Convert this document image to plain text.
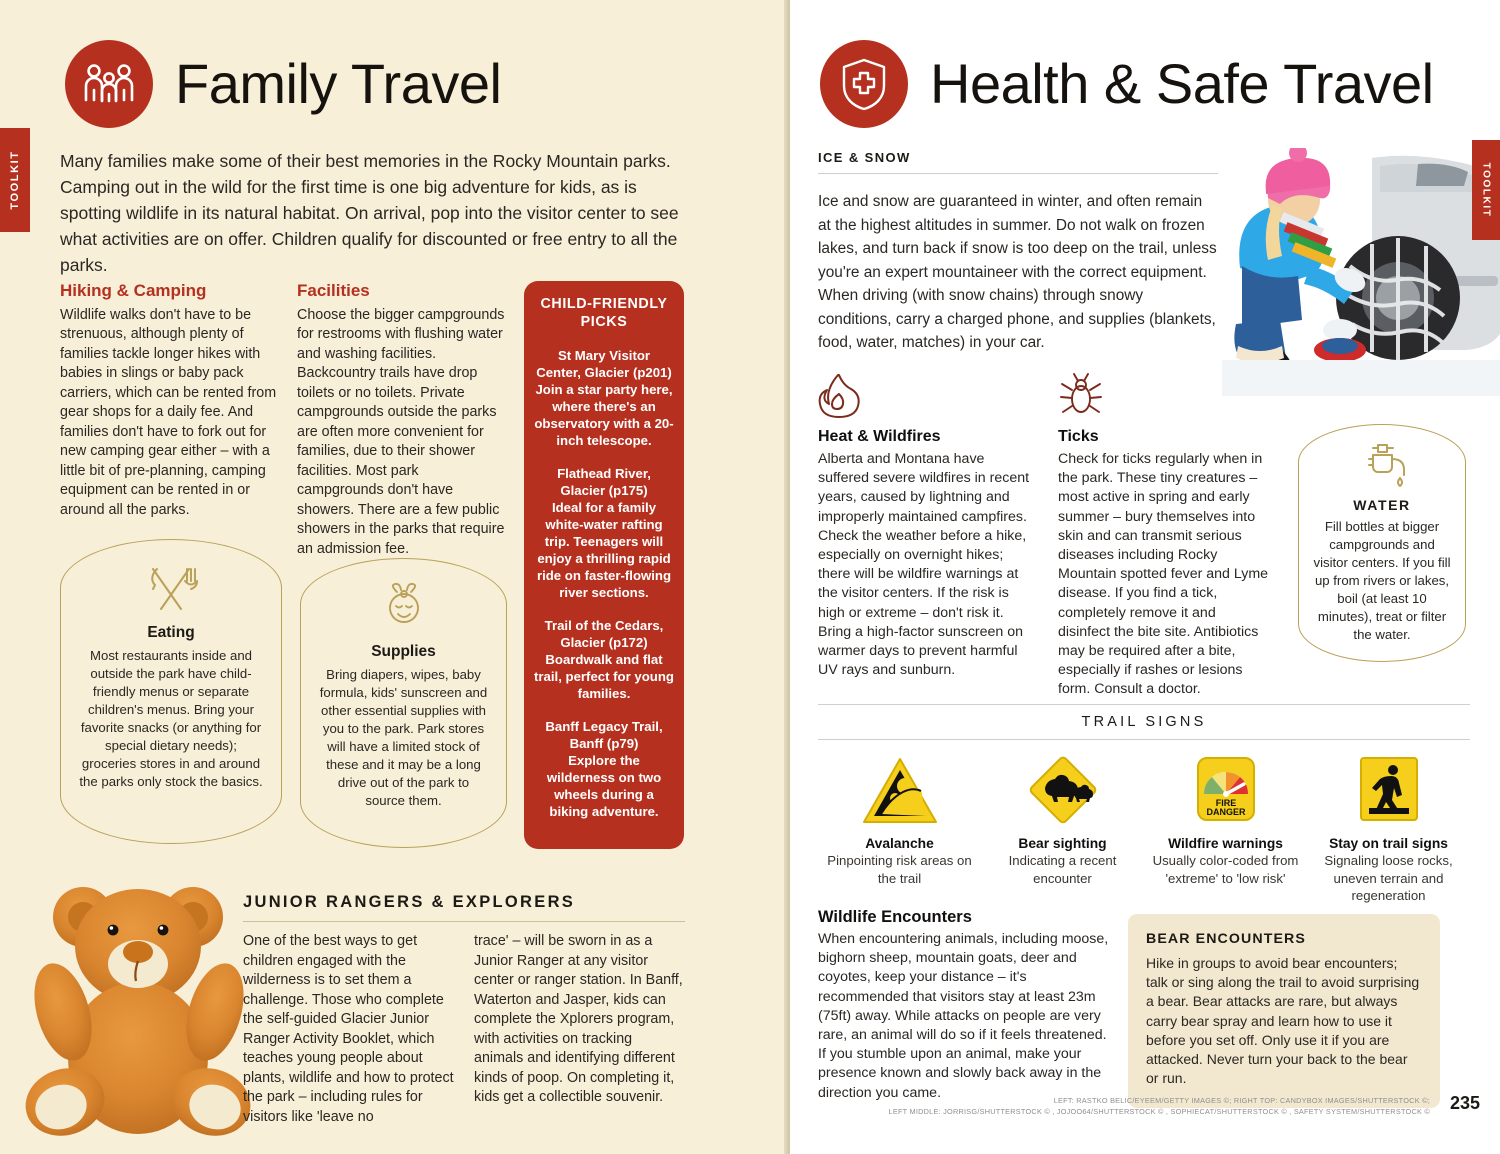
TOOLKIT
Family Travel
Many families make some of their best memories in the Rocky Mountain parks. Camping out in the wild for the first time is one big adventure for kids, as is spotting wildlife in its natural habitat. On arrival, pop into the visitor center to see what activities are on offer. Children qualify for discounted or free entry to all the parks.
Hiking & Camping
Wildlife walks don't have to be strenuous, although plenty of families tackle longer hikes with babies in slings or baby pack carriers, which can be rented from gear shops for a daily fee. And families don't have to fork out for new camping gear either – with a little bit of pre-planning, camping equipment can be rented in or around all the parks.
Facilities
Choose the bigger campgrounds for restrooms with flushing water and washing facilities. Backcountry trails have drop toilets or no toilets. Private campgrounds outside the parks are often more convenient for families, due to their shower facilities. Most park campgrounds don't have showers. There are a few public showers in the parks that require an admission fee.
CHILD-FRIENDLY PICKS
St Mary Visitor Center, Glacier (p201)
Join a star party here, where there's an observatory with a 20-inch telescope.
Flathead River, Glacier (p175)
Ideal for a family white-water rafting trip. Teenagers will enjoy a thrilling rapid ride on faster-flowing river sections.
Trail of the Cedars, Glacier (p172)
Boardwalk and flat trail, perfect for young families.
Banff Legacy Trail, Banff (p79)
Explore the wilderness on two wheels during a biking adventure.
Eating
Most restaurants inside and outside the park have child-friendly menus or separate children's menus. Bring your favorite snacks (or anything for special dietary needs); groceries stores in and around the parks only stock the basics.
Supplies
Bring diapers, wipes, baby formula, kids' sunscreen and other essential supplies with you to the park. Park stores will have a limited stock of these and it may be a long drive out of the park to source them.
JUNIOR RANGERS & EXPLORERS
One of the best ways to get children engaged with the wilderness is to set them a challenge. Those who complete the self-guided Glacier Junior Ranger Activity Booklet, which teaches young people about plants, wildlife and how to protect the park – including rules for visitors like 'leave no
trace' – will be sworn in as a Junior Ranger at any visitor center or ranger station. In Banff, Waterton and Jasper, kids can complete the Xplorers program, with activities on tracking animals and identifying different kinds of poop. On completing it, kids get a collectible souvenir.
TOOLKIT
Health & Safe Travel
ICE & SNOW
Ice and snow are guaranteed in winter, and often remain at the highest altitudes in summer. Do not walk on frozen lakes, and turn back if snow is too deep on the trail, unless you're an expert mountaineer with the correct equipment. When driving (with snow chains) through snowy conditions, carry a charged phone, and supplies (blankets, food, water, matches) in your car.
Heat & Wildfires
Alberta and Montana have suffered severe wildfires in recent years, caused by lightning and improperly maintained campfires. Check the weather before a hike, especially on overnight hikes; there will be wildfire warnings at the visitor centers. If the risk is high or extreme – don't risk it. Bring a high-factor sunscreen on warmer days to prevent harmful UV rays and sunburn.
Ticks
Check for ticks regularly when in the park. These tiny creatures – most active in spring and early summer – bury themselves into skin and can transmit serious diseases including Rocky Mountain spotted fever and Lyme disease. If you find a tick, completely remove it and disinfect the bite site. Antibiotics may be required after a bite, especially if rashes or lesions form. Consult a doctor.
WATER
Fill bottles at bigger campgrounds and visitor centers. If you fill up from rivers or lakes, boil (at least 10 minutes), treat or filter the water.
TRAIL SIGNS
Avalanche
Pinpointing risk areas on the trail
Bear sighting
Indicating a recent encounter
FIRE
DANGER
Wildfire warnings
Usually color-coded from 'extreme' to 'low risk'
Stay on trail signs
Signaling loose rocks, uneven terrain and regeneration
Wildlife Encounters
When encountering animals, including moose, bighorn sheep, mountain goats, deer and coyotes, keep your distance – it's recommended that visitors stay at least 23m (75ft) away. While attacks on people are very rare, an animal will do so if it feels threatened. If you stumble upon an animal, make your presence known and slowly back away in the direction you came.
BEAR ENCOUNTERS
Hike in groups to avoid bear encounters; talk or sing along the trail to avoid surprising a bear. Bear attacks are rare, but always carry bear spray and learn how to use it before you set off. Only use it if you are attacked. Never turn your back to the bear or run.
LEFT: RASTKO BELIC/EYEEM/GETTY IMAGES ©; RIGHT TOP: CANDYBOX IMAGES/SHUTTERSTOCK ©;
LEFT MIDDLE: JORRISG/SHUTTERSTOCK © , JOJOO64/SHUTTERSTOCK © , SOPHIECAT/SHUTTERSTOCK © , SAFETY SYSTEM/SHUTTERSTOCK © 235
